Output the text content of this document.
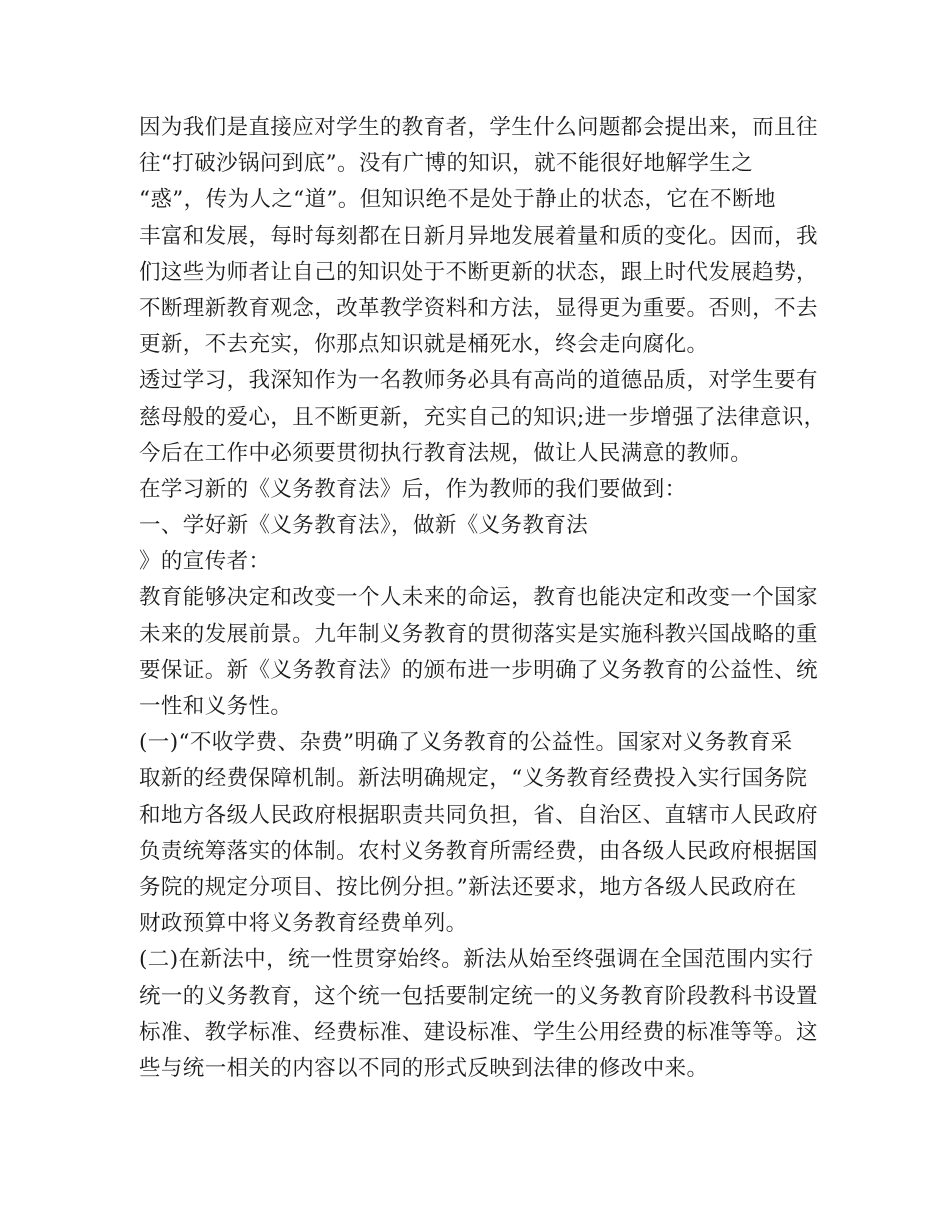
因为我们是直接应对学生的教育者，学生什么问题都会提出来，而且往
往“打破沙锅问到底”。没有广博的知识，就不能很好地解学生之
“惑”，传为人之“道”。但知识绝不是处于静止的状态，它在不断地
丰富和发展，每时每刻都在日新月异地发展着量和质的变化。因而，我
们这些为师者让自己的知识处于不断更新的状态，跟上时代发展趋势，
不断理新教育观念，改革教学资料和方法，显得更为重要。否则，不去
更新，不去充实，你那点知识就是桶死水，终会走向腐化。
透过学习，我深知作为一名教师务必具有高尚的道德品质，对学生要有
慈母般的爱心，且不断更新，充实自己的知识;进一步增强了法律意识，
今后在工作中必须要贯彻执行教育法规，做让人民满意的教师。
在学习新的《义务教育法》后，作为教师的我们要做到：
一、学好新《义务教育法》，做新《义务教育法
》的宣传者：
教育能够决定和改变一个人未来的命运，教育也能决定和改变一个国家
未来的发展前景。九年制义务教育的贯彻落实是实施科教兴国战略的重
要保证。新《义务教育法》的颁布进一步明确了义务教育的公益性、统
一性和义务性。
(一)“不收学费、杂费”明确了义务教育的公益性。国家对义务教育采
取新的经费保障机制。新法明确规定，“义务教育经费投入实行国务院
和地方各级人民政府根据职责共同负担，省、自治区、直辖市人民政府
负责统筹落实的体制。农村义务教育所需经费，由各级人民政府根据国
务院的规定分项目、按比例分担。”新法还要求，地方各级人民政府在
财政预算中将义务教育经费单列。
(二)在新法中，统一性贯穿始终。新法从始至终强调在全国范围内实行
统一的义务教育，这个统一包括要制定统一的义务教育阶段教科书设置
标准、教学标准、经费标准、建设标准、学生公用经费的标准等等。这
些与统一相关的内容以不同的形式反映到法律的修改中来。
